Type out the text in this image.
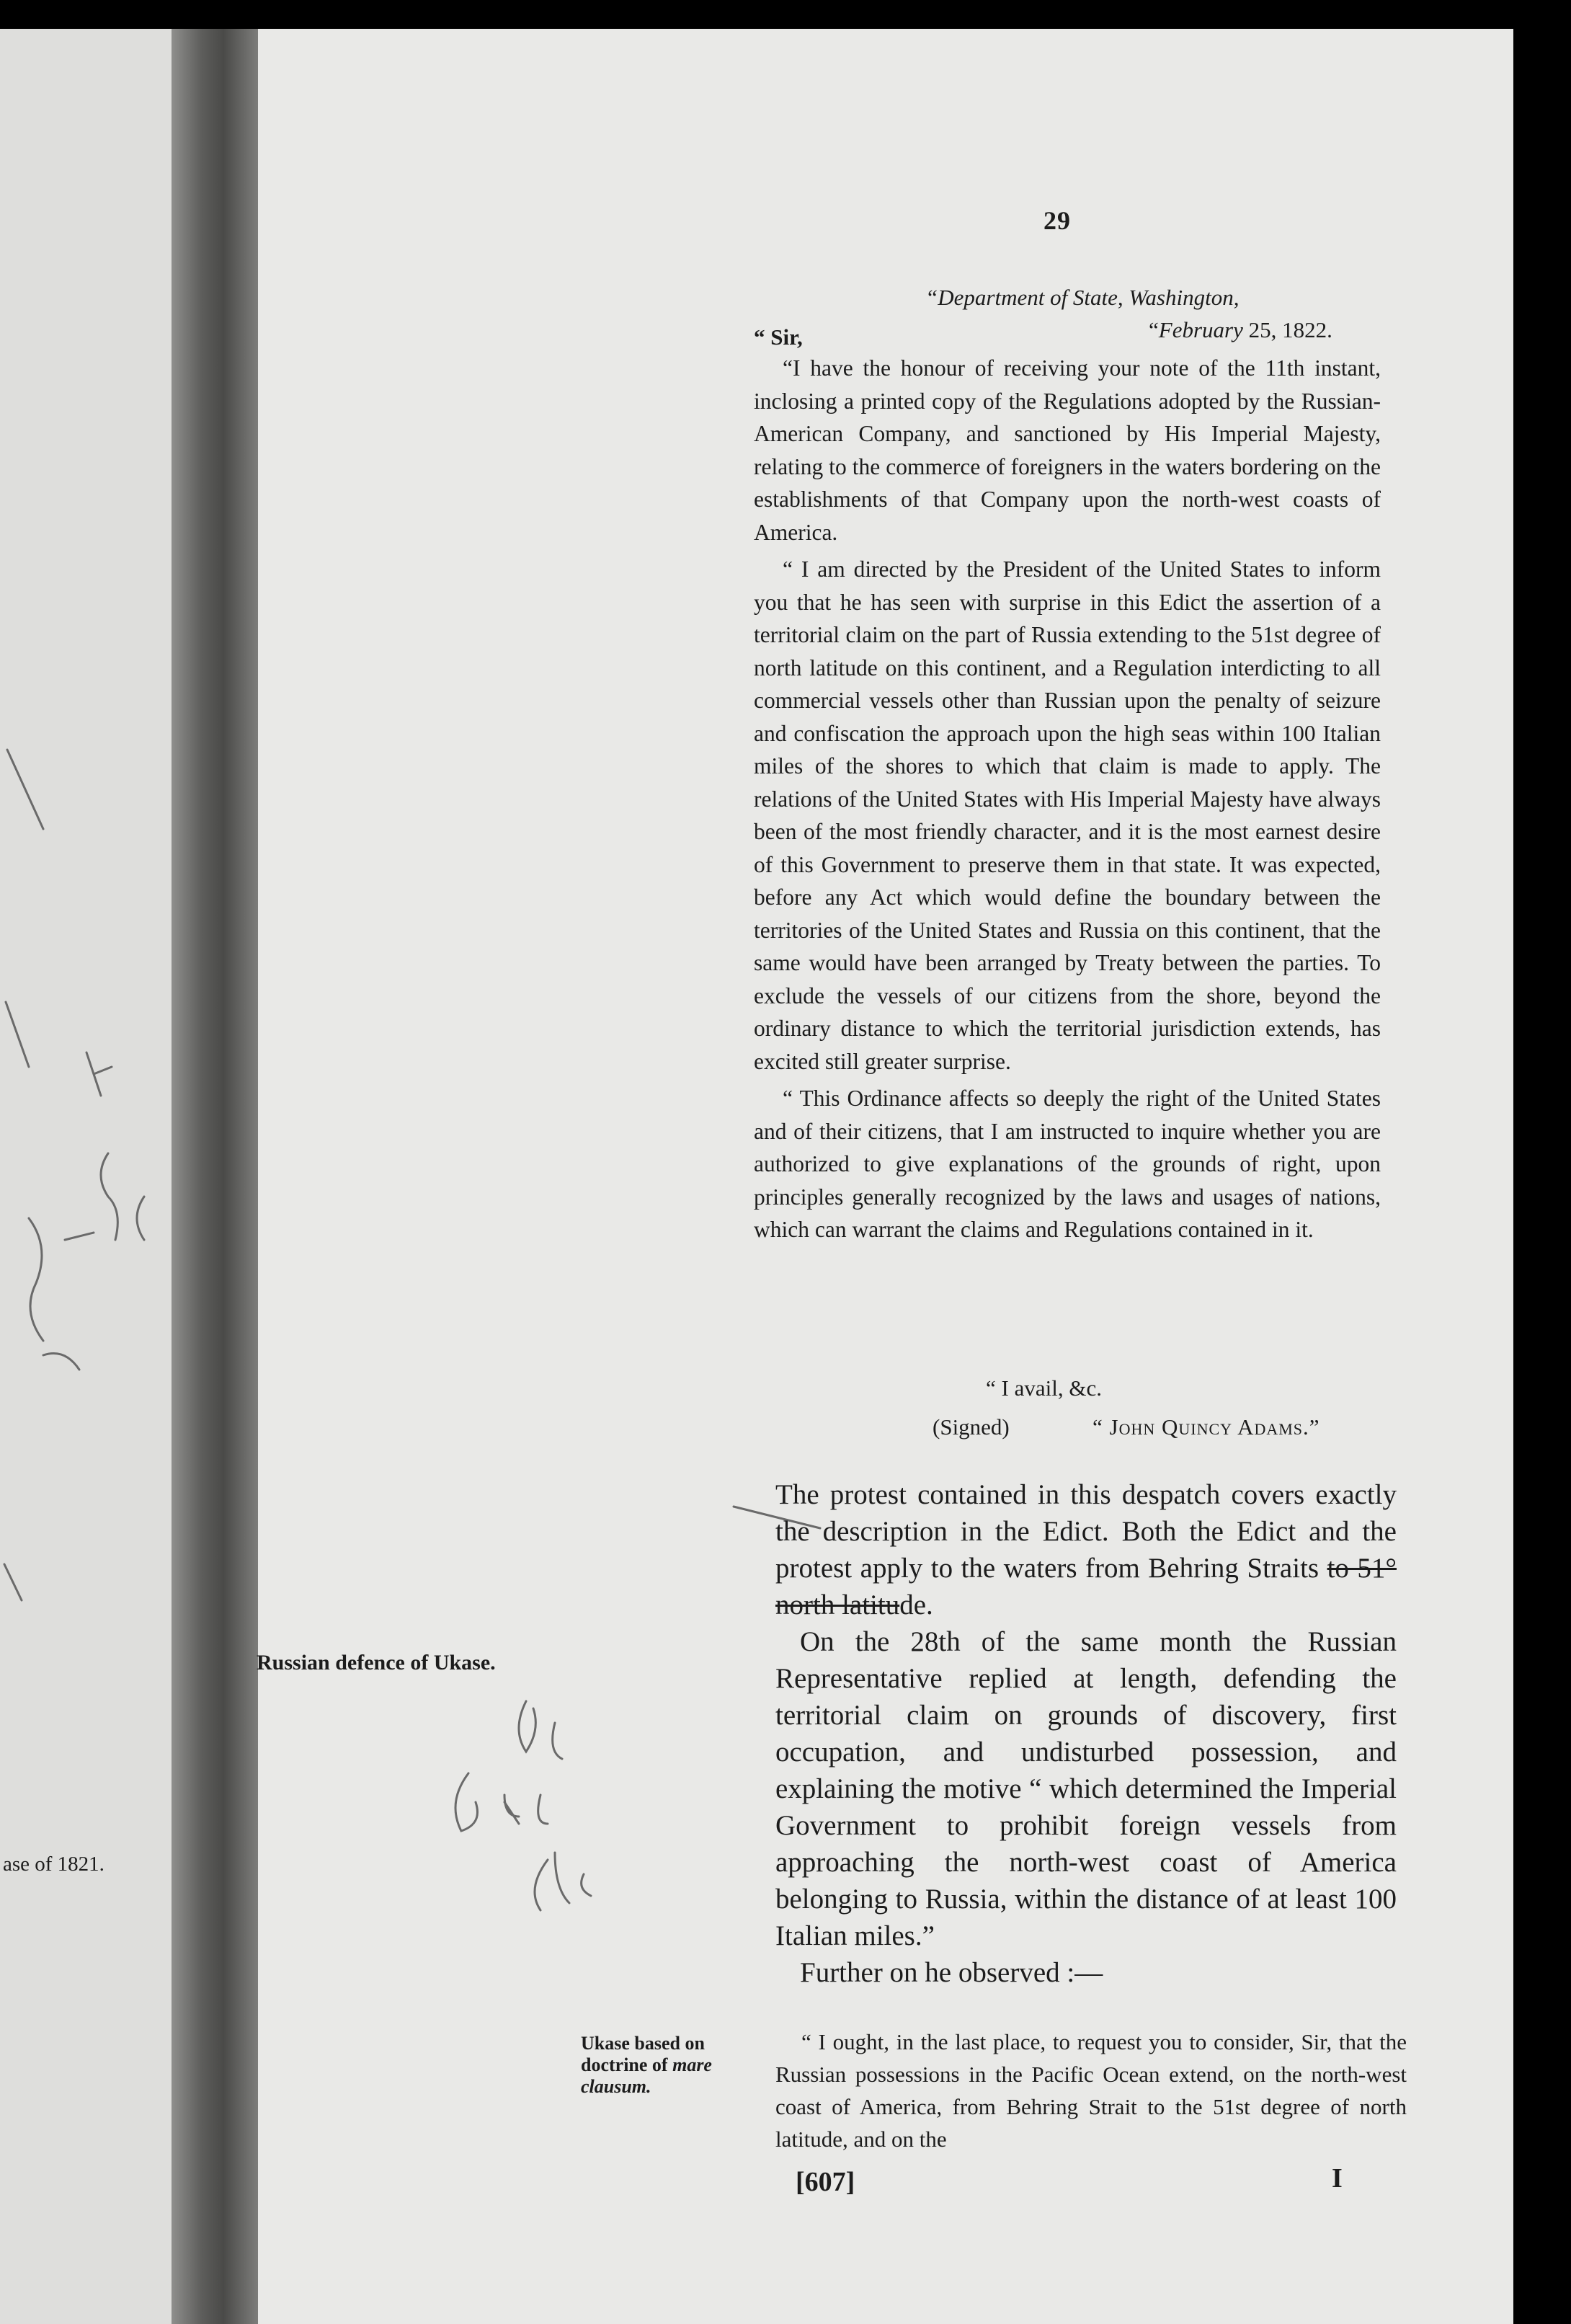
29
“Department of State, Washington,
“ Sir,	“February 25, 1822.

“I have the honour of receiving your note of the 11th instant, inclosing a printed copy of the Regulations adopted by the Russian-American Company, and sanctioned by His Imperial Majesty, relating to the commerce of foreigners in the waters bordering on the establishments of that Company upon the north-west coasts of America.

“ I am directed by the President of the United States to inform you that he has seen with surprise in this Edict the assertion of a territorial claim on the part of Russia extending to the 51st degree of north latitude on this continent, and a Regulation interdicting to all commercial vessels other than Russian upon the penalty of seizure and confiscation the approach upon the high seas within 100 Italian miles of the shores to which that claim is made to apply. The relations of the United States with His Imperial Majesty have always been of the most friendly character, and it is the most earnest desire of this Government to preserve them in that state. It was expected, before any Act which would define the boundary between the territories of the United States and Russia on this continent, that the same would have been arranged by Treaty between the parties. To exclude the vessels of our citizens from the shore, beyond the ordinary distance to which the territorial jurisdiction extends, has excited still greater surprise.

“ This Ordinance affects so deeply the right of the United States and of their citizens, that I am instructed to inquire whether you are authorized to give explanations of the grounds of right, upon principles generally recognized by the laws and usages of nations, which can warrant the claims and Regulations contained in it.

“ I avail, &c.
(Signed)	“ John Quincy Adams.”

The protest contained in this despatch covers exactly the description in the Edict. Both the Edict and the protest apply to the waters from Behring Straits to 51° north latitude.

On the 28th of the same month the Russian Representative replied at length, defending the territorial claim on grounds of discovery, first occupation, and undisturbed possession, and explaining the motive “ which determined the Imperial Government to prohibit foreign vessels from approaching the north-west coast of America belonging to Russia, within the distance of at least 100 Italian miles.”

Further on he observed :—

Russian defence of Ukase.
ase of 1821.
Ukase based on
doctrine of mare
clausum.

“ I ought, in the last place, to request you to consider, Sir, that the Russian possessions in the Pacific Ocean extend, on the north-west coast of America, from Behring Strait to the 51st degree of north latitude, and on the

[607]	I
